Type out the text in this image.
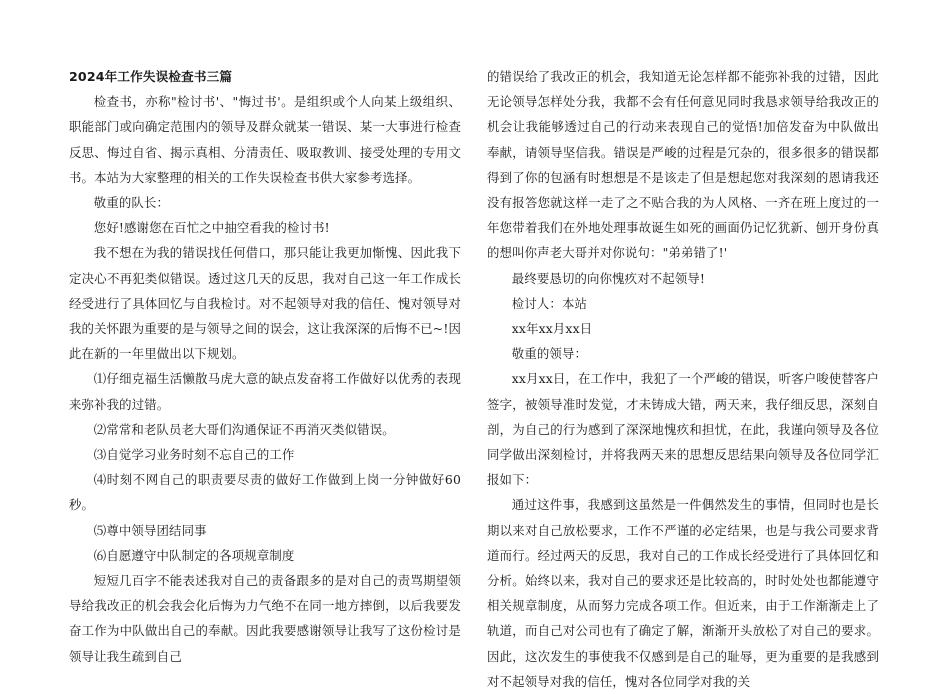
2024年工作失误检查书三篇

检查书，亦称"检讨书'、"悔过书'。是组织或个人向某上级组织、职能部门或向确定范围内的领导及群众就某一错误、某一大事进行检查反思、悔过自省、揭示真相、分清责任、吸取教训、接受处理的专用文书。本站为大家整理的相关的工作失误检查书供大家参考选择。

敬重的队长：

您好!感谢您在百忙之中抽空看我的检讨书!

我不想在为我的错误找任何借口，那只能让我更加惭愧、因此我下定决心不再犯类似错误。透过这几天的反思，我对自己这一年工作成长经受进行了具体回忆与自我检讨。对不起领导对我的信任、愧对领导对我的关怀跟为重要的是与领导之间的误会，这让我深深的后悔不已~!因此在新的一年里做出以下规划。

⑴仔细克福生活懒散马虎大意的缺点发奋将工作做好以优秀的表现来弥补我的过错。

⑵常常和老队员老大哥们沟通保证不再消灭类似错误。

⑶自觉学习业务时刻不忘自己的工作

⑷时刻不网自己的职责要尽责的做好工作做到上岗一分钟做好60秒。

⑸尊中领导团结同事

⑹自愿遵守中队制定的各项规章制度

短短几百字不能表述我对自己的责备跟多的是对自己的责骂期望领导给我改正的机会我会化后悔为力气绝不在同一地方摔倒，以后我要发奋工作为中队做出自己的奉献。因此我要感谢领导让我写了这份检讨是领导让我生疏到自己

的错误给了我改正的机会，我知道无论怎样都不能弥补我的过错，因此无论领导怎样处分我，我都不会有任何意见同时我恳求领导给我改正的机会让我能够透过自己的行动来表现自己的觉悟!加倍发奋为中队做出奉献，请领导坚信我。错误是严峻的过程是冗杂的，很多很多的错误都得到了你的包涵有时想想是不是该走了但是想起您对我深刻的恩请我还没有报答您就这样一走了之不贴合我的为人风格、一齐在班上度过的一年您带着我们在外地处理事故诞生如死的画面仍记忆犹新、刨开身份真的想叫你声老大哥并对你说句："弟弟错了!'

最终要恳切的向你愧疚对不起领导!

检讨人：本站

xx年xx月xx日

敬重的领导：

xx月xx日，在工作中，我犯了一个严峻的错误，听客户唆使替客户签字，被领导准时发觉，才未铸成大错，两天来，我仔细反思，深刻自剖，为自己的行为感到了深深地愧疚和担忧，在此，我谨向领导及各位同学做出深刻检讨，并将我两天来的思想反思结果向领导及各位同学汇报如下：

通过这件事，我感到这虽然是一件偶然发生的事情，但同时也是长期以来对自己放松要求，工作不严谨的必定结果，也是与我公司要求背道而行。经过两天的反思，我对自己的工作成长经受进行了具体回忆和分析。始终以来，我对自己的要求还是比较高的，时时处处也都能遵守相关规章制度，从而努力完成各项工作。但近来，由于工作渐渐走上了轨道，而自己对公司也有了确定了解，渐渐开头放松了对自己的要求。因此，这次发生的事使我不仅感到是自己的耻辱，更为重要的是我感到对不起领导对我的信任，愧对各位同学对我的关
